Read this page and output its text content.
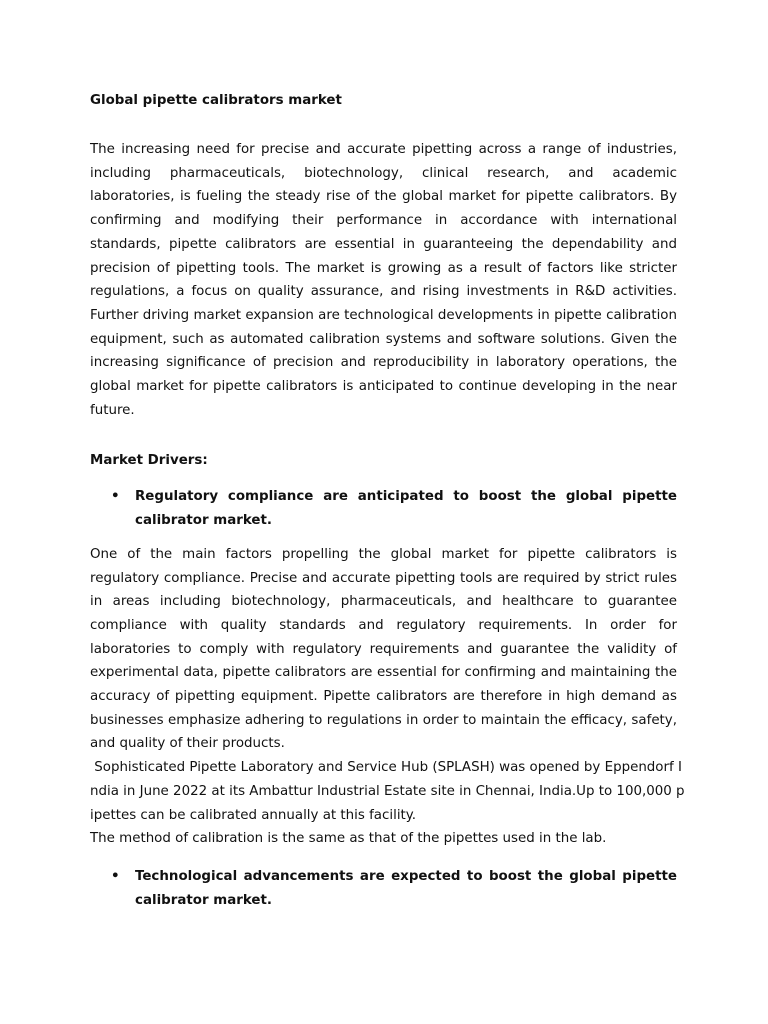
Global pipette calibrators market

The increasing need for precise and accurate pipetting across a range of industries, including pharmaceuticals, biotechnology, clinical research, and academic laboratories, is fueling the steady rise of the global market for pipette calibrators. By confirming and modifying their performance in accordance with international standards, pipette calibrators are essential in guaranteeing the dependability and precision of pipetting tools. The market is growing as a result of factors like stricter regulations, a focus on quality assurance, and rising investments in R&D activities. Further driving market expansion are technological developments in pipette calibration equipment, such as automated calibration systems and software solutions. Given the increasing significance of precision and reproducibility in laboratory operations, the global market for pipette calibrators is anticipated to continue developing in the near future.

Market Drivers:

• Regulatory compliance are anticipated to boost the global pipette calibrator market.

One of the main factors propelling the global market for pipette calibrators is regulatory compliance. Precise and accurate pipetting tools are required by strict rules in areas including biotechnology, pharmaceuticals, and healthcare to guarantee compliance with quality standards and regulatory requirements. In order for laboratories to comply with regulatory requirements and guarantee the validity of experimental data, pipette calibrators are essential for confirming and maintaining the accuracy of pipetting equipment. Pipette calibrators are therefore in high demand as businesses emphasize adhering to regulations in order to maintain the efficacy, safety, and quality of their products.

Sophisticated Pipette Laboratory and Service Hub (SPLASH) was opened by Eppendorf I

ndia in June 2022 at its Ambattur Industrial Estate site in Chennai, India.Up to 100,000 p

ipettes can be calibrated annually at this facility.

The method of calibration is the same as that of the pipettes used in the lab.

• Technological advancements are expected to boost the global pipette calibrator market.
